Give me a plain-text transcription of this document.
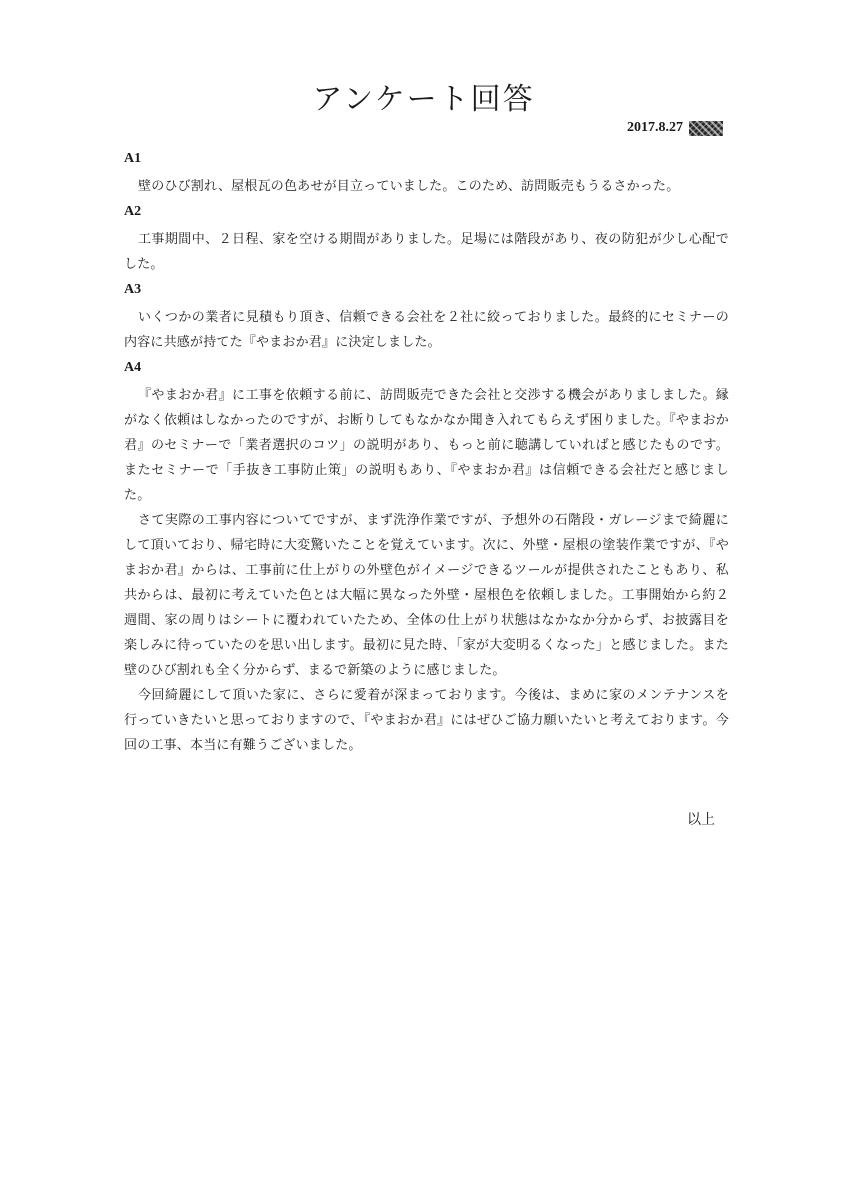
アンケート回答
2017.8.27
A1

壁のひび割れ、屋根瓦の色あせが目立っていました。このため、訪問販売もうるさかった。

A2

工事期間中、２日程、家を空ける期間がありました。足場には階段があり、夜の防犯が少し心配でした。

A3

いくつかの業者に見積もり頂き、信頼できる会社を２社に絞っておりました。最終的にセミナーの内容に共感が持てた『やまおか君』に決定しました。

A4

『やまおか君』に工事を依頼する前に、訪問販売できた会社と交渉する機会がありましました。縁がなく依頼はしなかったのですが、お断りしてもなかなか聞き入れてもらえず困りました。『やまおか君』のセミナーで「業者選択のコツ」の説明があり、もっと前に聴講していればと感じたものです。またセミナーで「手抜き工事防止策」の説明もあり、『やまおか君』は信頼できる会社だと感じました。

さて実際の工事内容についてですが、まず洗浄作業ですが、予想外の石階段・ガレージまで綺麗にして頂いており、帰宅時に大変驚いたことを覚えています。次に、外壁・屋根の塗装作業ですが、『やまおか君』からは、工事前に仕上がりの外壁色がイメージできるツールが提供されたこともあり、私共からは、最初に考えていた色とは大幅に異なった外壁・屋根色を依頼しました。工事開始から約２週間、家の周りはシートに覆われていたため、全体の仕上がり状態はなかなか分からず、お披露目を楽しみに待っていたのを思い出します。最初に見た時、「家が大変明るくなった」と感じました。また壁のひび割れも全く分からず、まるで新築のように感じました。

今回綺麗にして頂いた家に、さらに愛着が深まっております。今後は、まめに家のメンテナンスを行っていきたいと思っておりますので、『やまおか君』にはぜひご協力願いたいと考えております。今回の工事、本当に有難うございました。

以上
